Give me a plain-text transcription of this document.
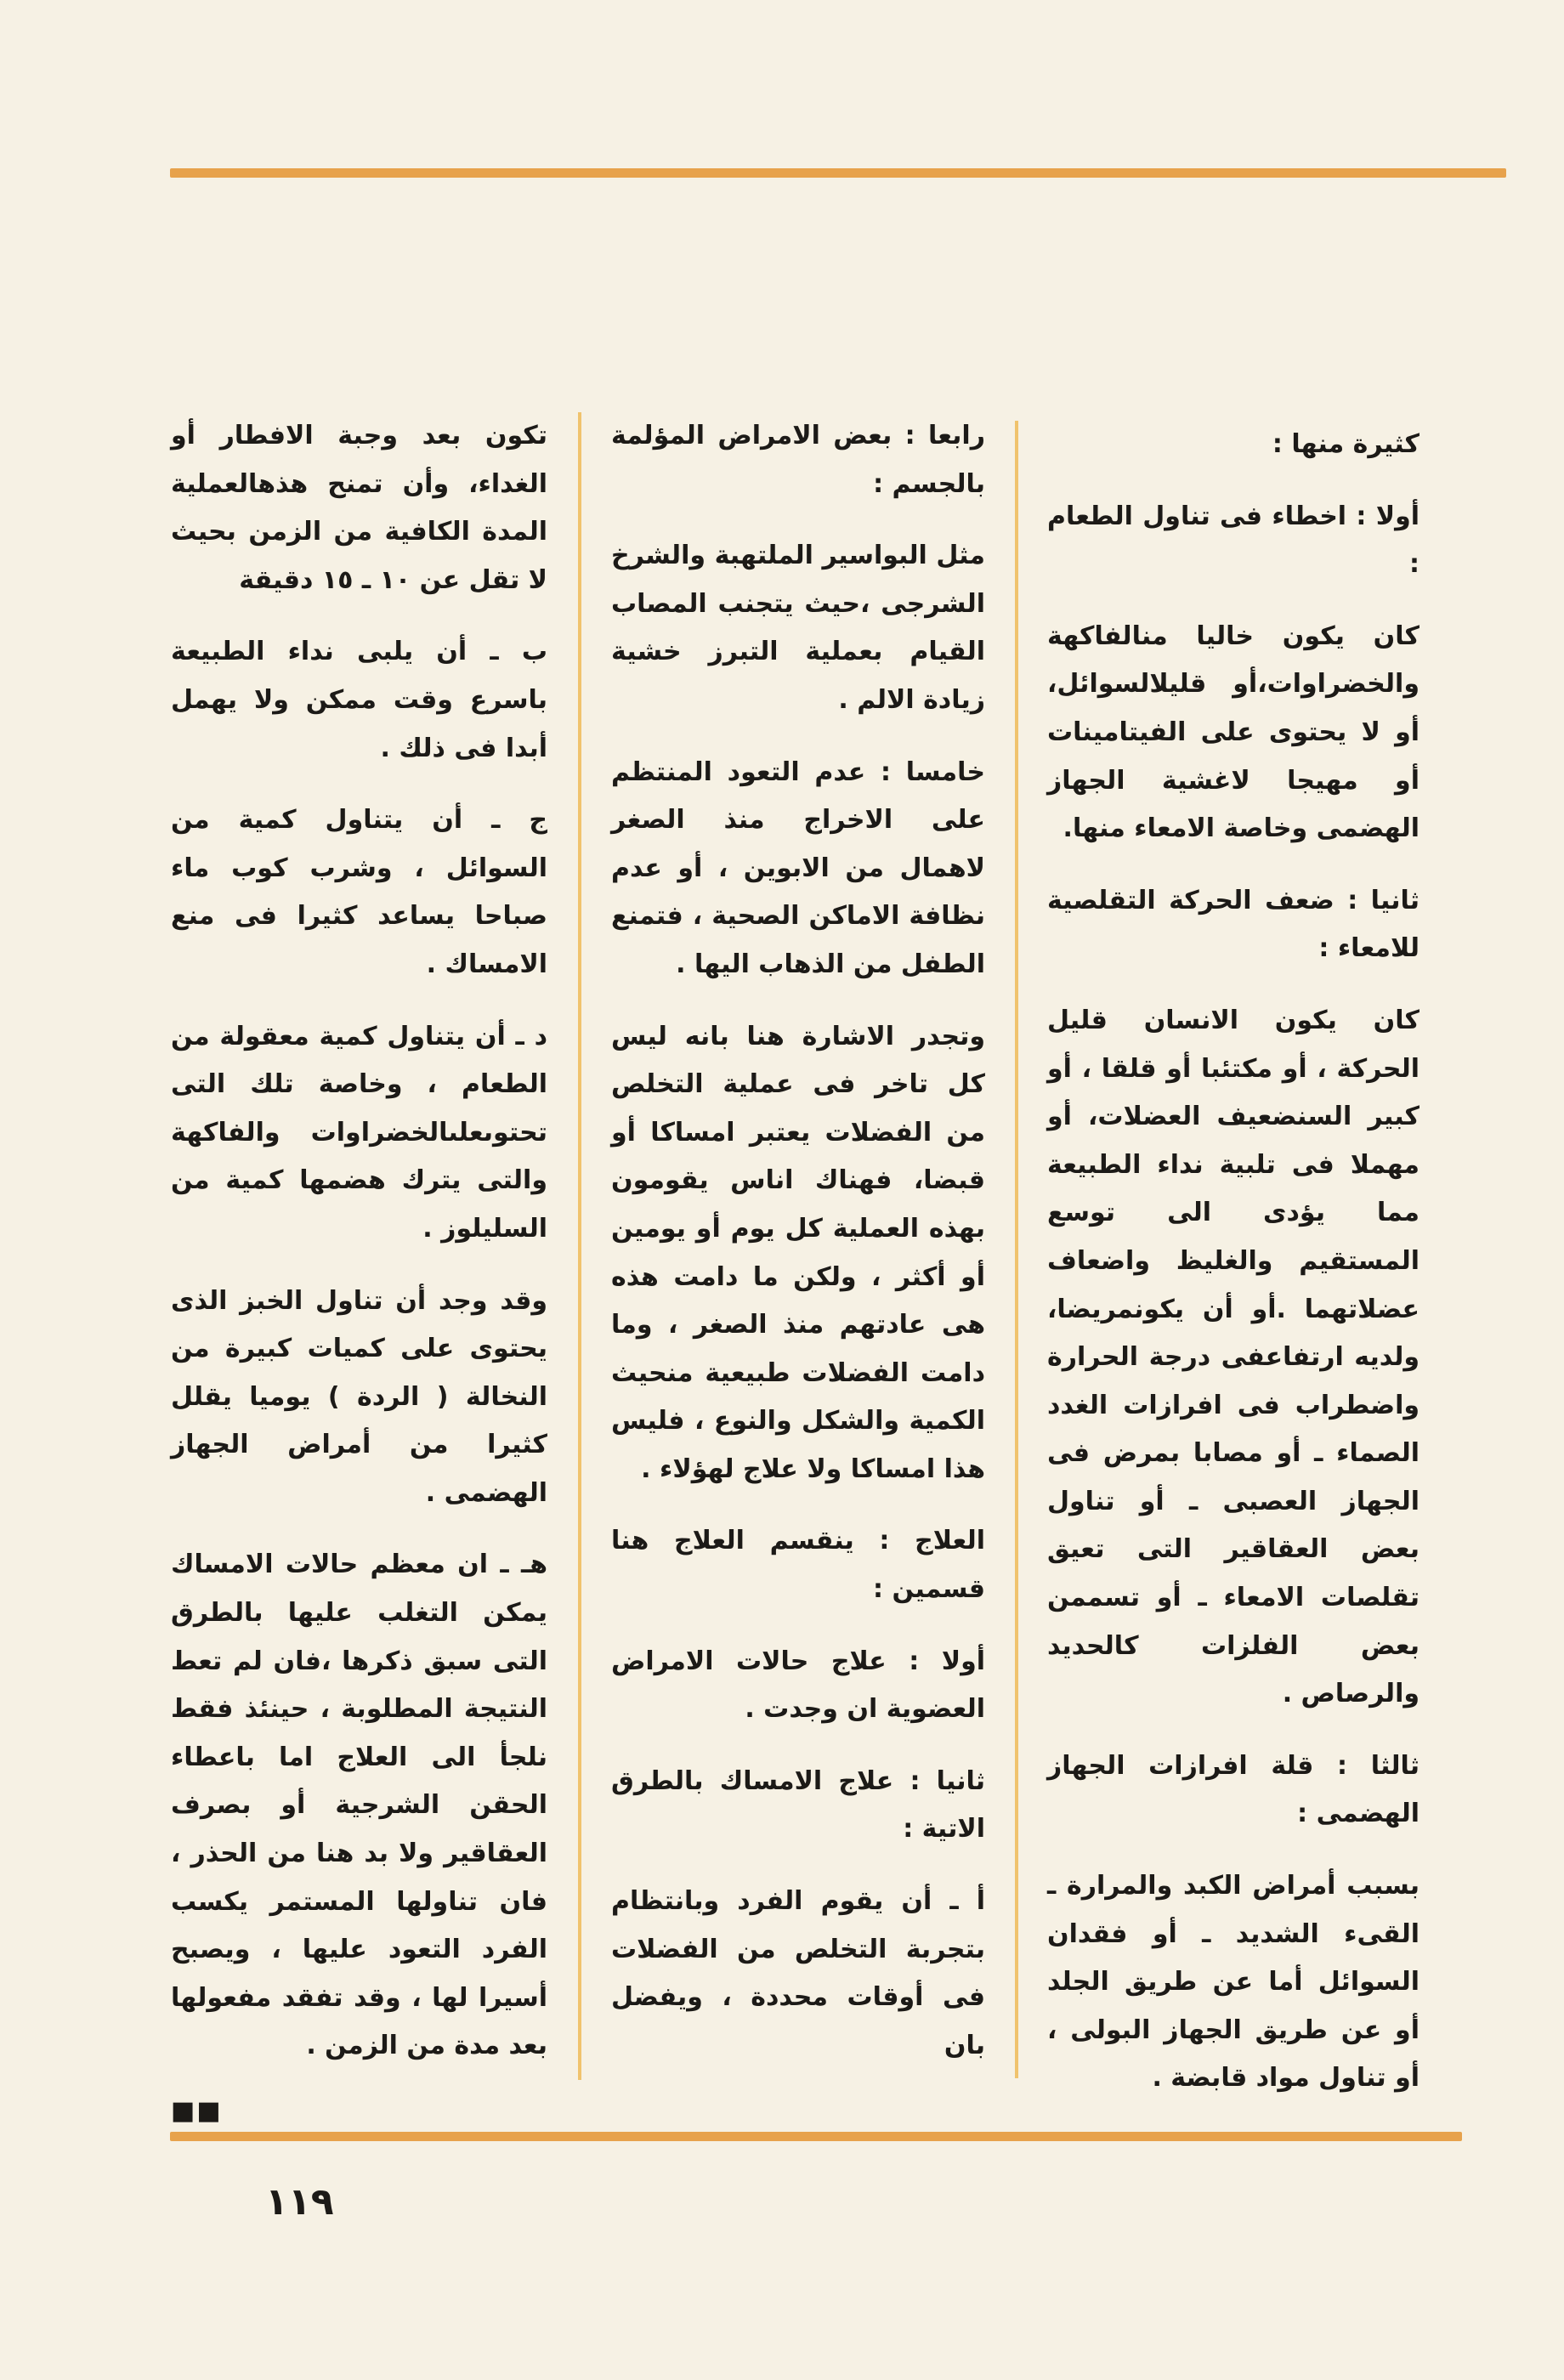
كثيرة منها :

أولا : اخطاء فى تناول الطعام :

كان يكون خاليا منالفاكهة والخضراوات،أو قليلالسوائل، أو لا يحتوى على الفيتامينات أو مهيجا لاغشية الجهاز الهضمى وخاصة الامعاء منها.

ثانيا : ضعف الحركة التقلصية للامعاء :

كان يكون الانسان قليل الحركة ، أو مكتئبا أو قلقا ، أو كبير السنضعيف العضلات، أو مهملا فى تلبية نداء الطبيعة مما يؤدى الى توسع المستقيم والغليظ واضعاف عضلاتهما .أو أن يكونمريضا، ولديه ارتفاعفى درجة الحرارة واضطراب فى افرازات الغدد الصماء ـ أو مصابا بمرض فى الجهاز العصبى ـ أو تناول بعض العقاقير التى تعيق تقلصات الامعاء ـ أو تسممن بعض الفلزات كالحديد والرصاص .

ثالثا : قلة افرازات الجهاز الهضمى :

بسبب أمراض الكبد والمرارة ـ القىء الشديد ـ أو فقدان السوائل أما عن طريق الجلد أو عن طريق الجهاز البولى ، أو تناول مواد قابضة .

رابعا : بعض الامراض المؤلمة بالجسم :

مثل البواسير الملتهبة والشرخ الشرجى ،حيث يتجنب المصاب القيام بعملية التبرز خشية زيادة الالم .

خامسا : عدم التعود المنتظم على الاخراج منذ الصغر لاهمال من الابوين ، أو عدم نظافة الاماكن الصحية ، فتمنع الطفل من الذهاب اليها .

وتجدر الاشارة هنا بانه ليس كل تاخر فى عملية التخلص من الفضلات يعتبر امساكا أو قبضا، فهناك اناس يقومون بهذه العملية كل يوم أو يومين أو أكثر ، ولكن ما دامت هذه هى عادتهم منذ الصغر ، وما دامت الفضلات طبيعية منحيث الكمية والشكل والنوع ، فليس هذا امساكا ولا علاج لهؤلاء .

العلاج : ينقسم العلاج هنا قسمين :

أولا : علاج حالات الامراض العضوية ان وجدت .

ثانيا : علاج الامساك بالطرق الاتية :

أ ـ أن يقوم الفرد وبانتظام بتجربة التخلص من الفضلات فى أوقات محددة ، ويفضل بان

تكون بعد وجبة الافطار أو الغداء، وأن تمنح هذهالعملية المدة الكافية من الزمن بحيث لا تقل عن ١٠ ـ ١٥ دقيقة

ب ـ أن يلبى نداء الطبيعة باسرع وقت ممكن ولا يهمل أبدا فى ذلك .

ج ـ أن يتناول كمية من السوائل ، وشرب كوب ماء صباحا يساعد كثيرا فى منع الامساك .

د ـ أن يتناول كمية معقولة من الطعام ، وخاصة تلك التى تحتوىعلىالخضراوات والفاكهة والتى يترك هضمها كمية من السليلوز .

وقد وجد أن تناول الخبز الذى يحتوى على كميات كبيرة من النخالة ( الردة ) يوميا يقلل كثيرا من أمراض الجهاز الهضمى .

هـ ـ ان معظم حالات الامساك يمكن التغلب عليها بالطرق التى سبق ذكرها ،فان لم تعط النتيجة المطلوبة ، حينئذ فقط نلجأ الى العلاج اما باعطاء الحقن الشرجية أو بصرف العقاقير ولا بد هنا من الحذر ، فان تناولها المستمر يكسب الفرد التعود عليها ، ويصبح أسيرا لها ، وقد تفقد مفعولها بعد مدة من الزمن .

■■
١١٩
